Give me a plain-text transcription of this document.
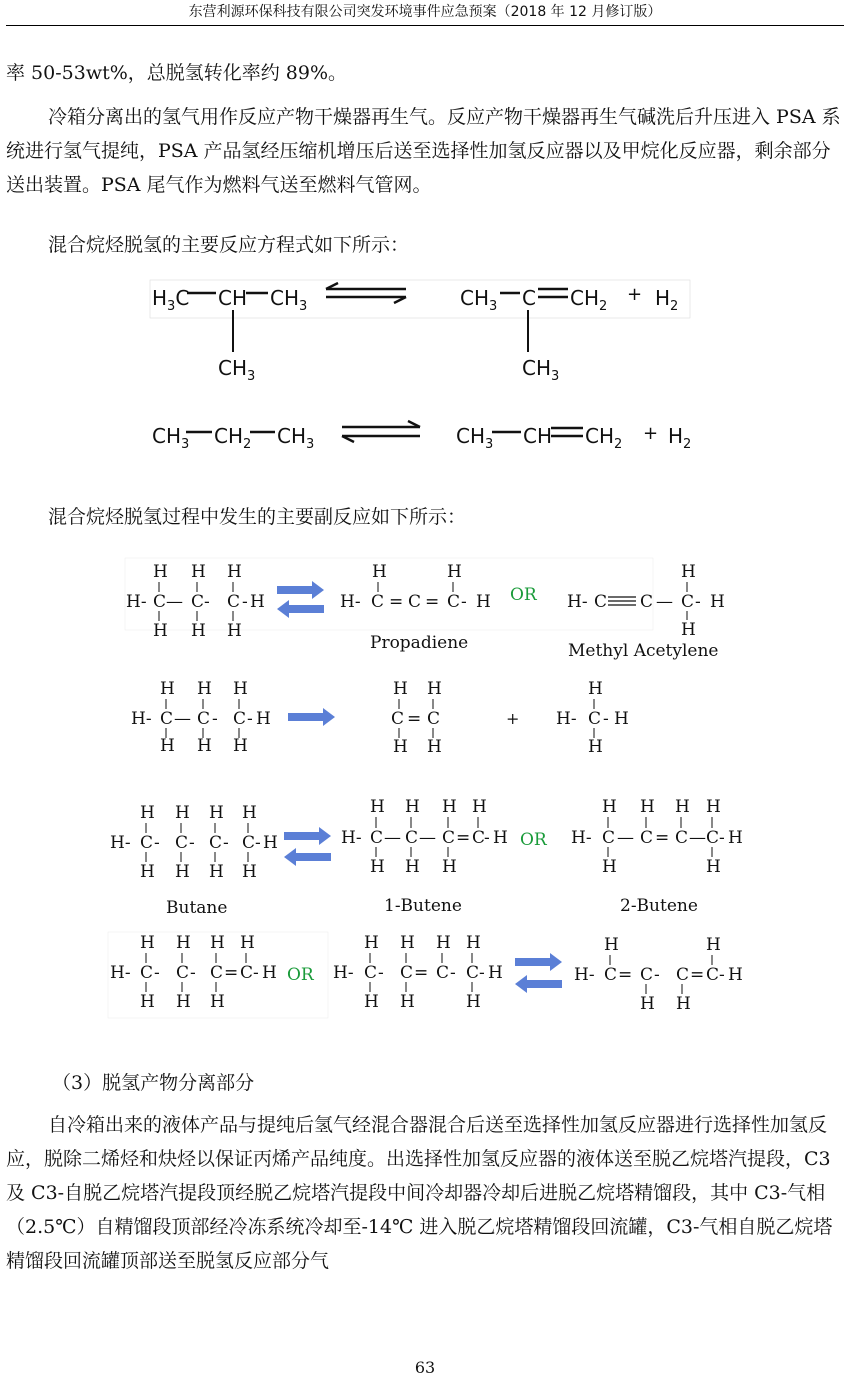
东营利源环保科技有限公司突发环境事件应急预案（2018 年 12 月修订版）

率 50-53wt%，总脱氢转化率约 89%。

冷箱分离出的氢气用作反应产物干燥器再生气。反应产物干燥器再生气碱洗后升压进入 PSA 系统进行氢气提纯，PSA 产品氢经压缩机增压后送至选择性加氢反应器以及甲烷化反应器，剩余部分送出装置。PSA 尾气作为燃料气送至燃料气管网。

混合烷烃脱氢的主要反应方程式如下所示：

$H_3C$ CH $CH_3$
$CH_3$
$CH_3$ C $CH_2$
$CH_3$
+ $H_2$
$CH_3$ $CH_2$ $CH_3$	$CH_3$ CH $CH_2$
+ $H_2$

混合烷烃脱氢过程中发生的主要副反应如下所示：

H H H
H- C — C - C - H
H H H
H	H
H- C = C = C - H
Propadiene
OR H- C C — C - H
H
H
Methyl Acetylene
H H H
H- C — C - C - H
H H H
H H
C = C
H H
+
H
H- C - H
H
H H H H
H- C - C - C - C - H
H H H H
Butane
H H H H
H- C — C — C = C
- H
H H H
1-Butene
OR
H H H H
H- C — C = C — C - H
H	H
2-Butene
H H H H
H- C - C - C = C - H
H H H
OR
H H H H
H- C - C = C - C - H
H H	H
H	H
H- C = C - C = C - H
H H

（3）脱氢产物分离部分

自冷箱出来的液体产品与提纯后氢气经混合器混合后送至选择性加氢反应器进行选择性加氢反应，脱除二烯烃和炔烃以保证丙烯产品纯度。出选择性加氢反应器的液体送至脱乙烷塔汽提段，C3 及 C3-自脱乙烷塔汽提段顶经脱乙烷塔汽提段中间冷却器冷却后进脱乙烷塔精馏段，其中 C3-气相（2.5℃）自精馏段顶部经冷冻系统冷却至-14℃ 进入脱乙烷塔精馏段回流罐，C3-气相自脱乙烷塔精馏段回流罐顶部送至脱氢反应部分气

63
